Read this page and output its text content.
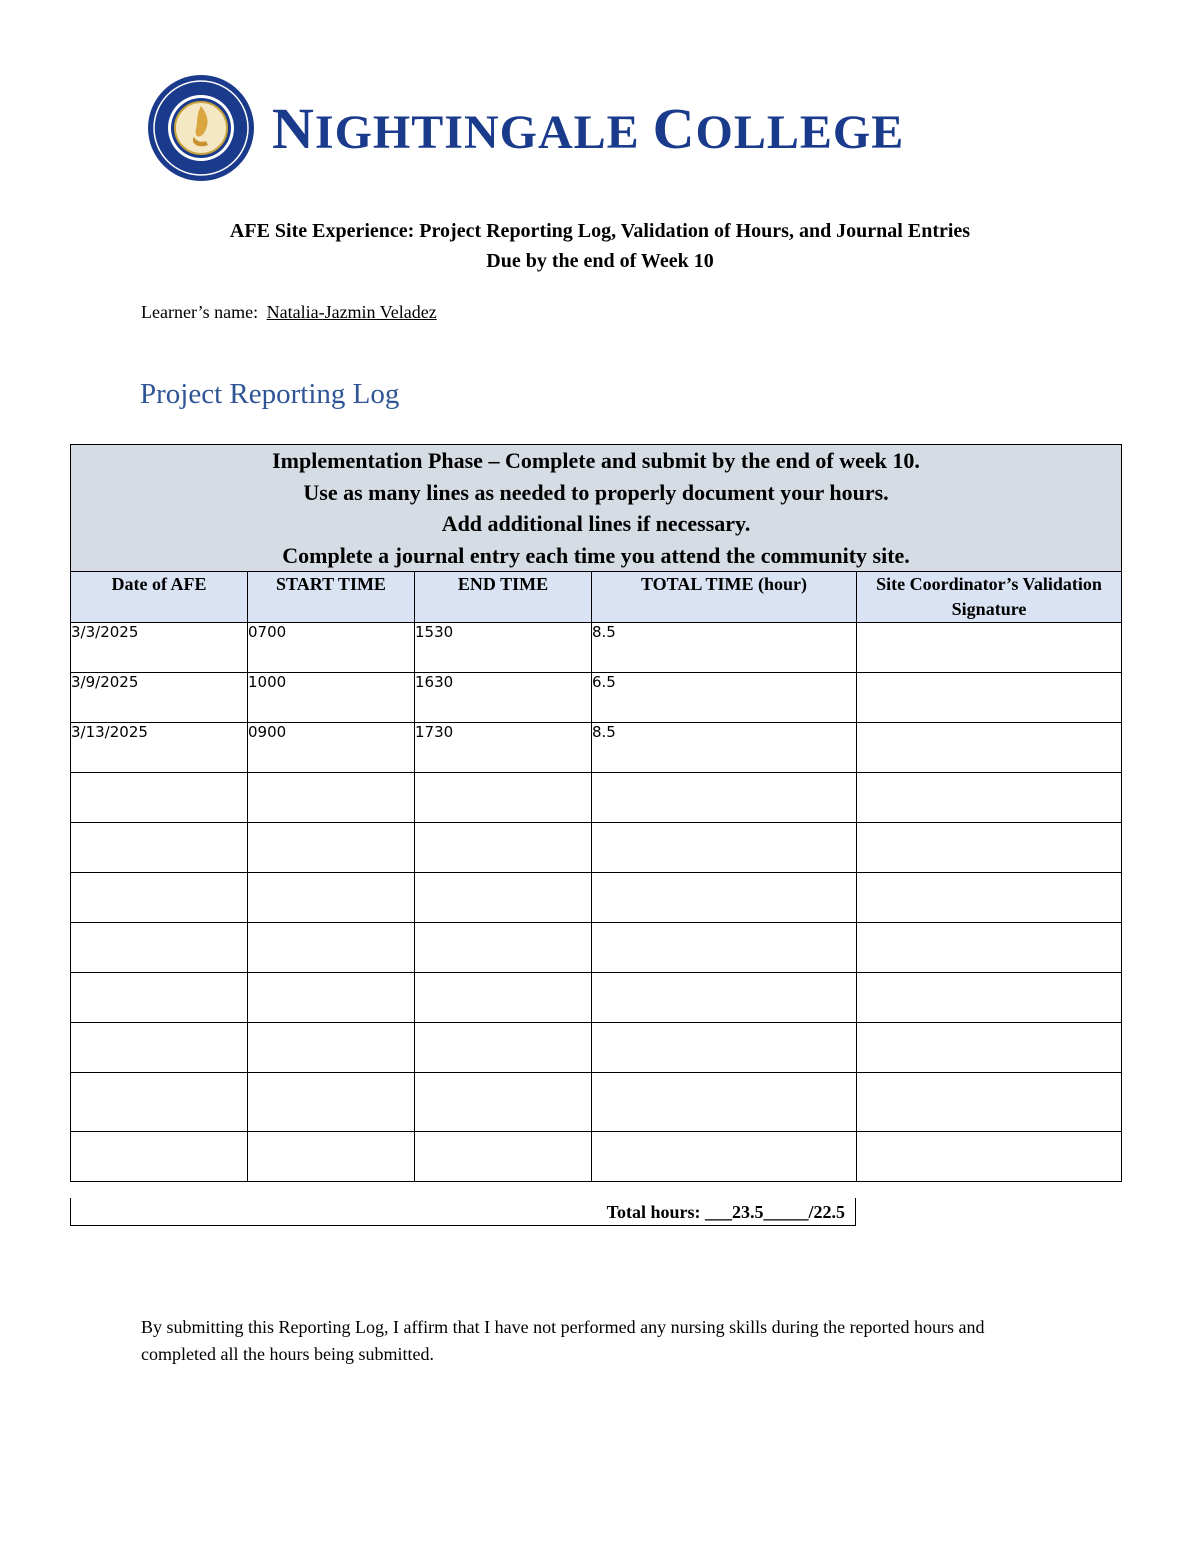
NIGHTINGALE COLLEGE
AFE Site Experience: Project Reporting Log, Validation of Hours, and Journal Entries
Due by the end of Week 10
Learner’s name: Natalia-Jazmin Veladez
Project Reporting Log
Implementation Phase – Complete and submit by the end of week 10.
Use as many lines as needed to properly document your hours.
Add additional lines if necessary.
Complete a journal entry each time you attend the community site.				

Date of AFE	START TIME	END TIME	TOTAL TIME (hour)	Site Coordinator’s Validation Signature
3/3/2025	0700	1530	8.5	
3/9/2025	1000	1630	6.5	
3/13/2025	0900	1730	8.5	

Total hours: ___23.5_____/22.5
By submitting this Reporting Log, I affirm that I have not performed any nursing skills during the reported hours and completed all the hours being submitted.
